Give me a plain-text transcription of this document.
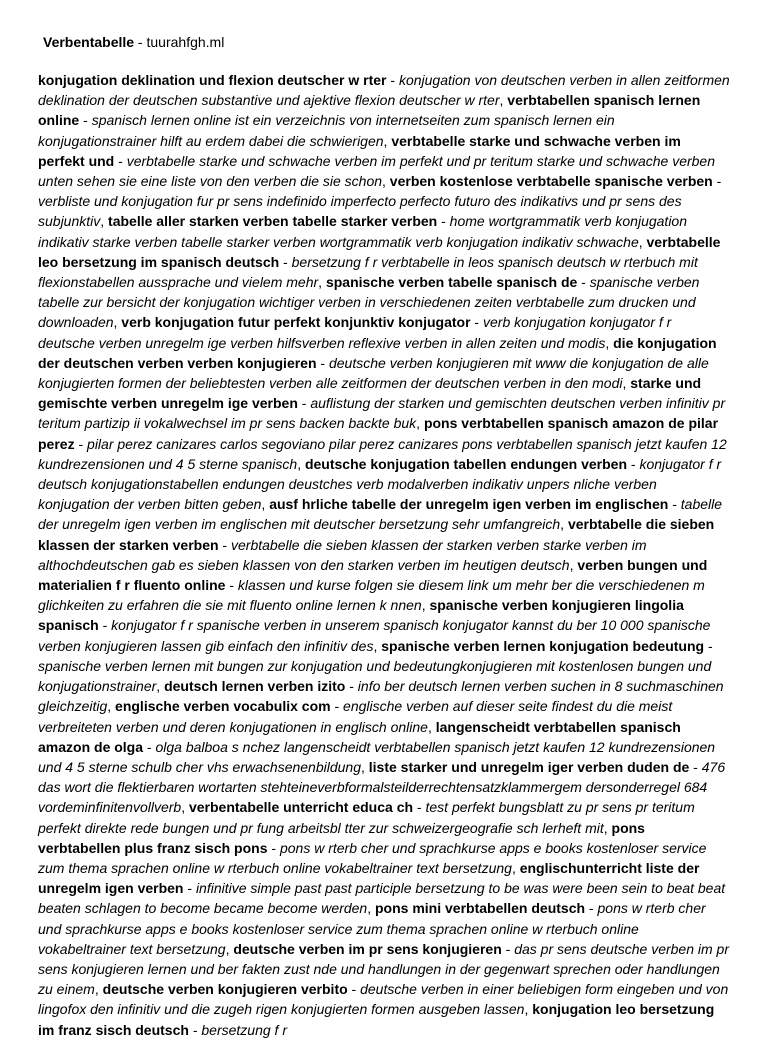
Verbentabelle - tuurahfgh.ml

konjugation deklination und flexion deutscher w rter - konjugation von deutschen verben in allen zeitformen deklination der deutschen substantive und ajektive flexion deutscher w rter, verbtabellen spanisch lernen online - spanisch lernen online ist ein verzeichnis von internetseiten zum spanisch lernen ein konjugationstrainer hilft au erdem dabei die schwierigen, verbtabelle starke und schwache verben im perfekt und - verbtabelle starke und schwache verben im perfekt und pr teritum starke und schwache verben unten sehen sie eine liste von den verben die sie schon, verben kostenlose verbtabelle spanische verben - verbliste und konjugation fur pr sens indefinido imperfecto perfecto futuro des indikativs und pr sens des subjunktiv, tabelle aller starken verben tabelle starker verben - home wortgrammatik verb konjugation indikativ starke verben tabelle starker verben wortgrammatik verb konjugation indikativ schwache, verbtabelle leo bersetzung im spanisch deutsch - bersetzung f r verbtabelle in leos spanisch deutsch w rterbuch mit flexionstabellen aussprache und vielem mehr, spanische verben tabelle spanisch de - spanische verben tabelle zur bersicht der konjugation wichtiger verben in verschiedenen zeiten verbtabelle zum drucken und downloaden, verb konjugation futur perfekt konjunktiv konjugator - verb konjugation konjugator f r deutsche verben unregelm ige verben hilfsverben reflexive verben in allen zeiten und modis, die konjugation der deutschen verben verben konjugieren - deutsche verben konjugieren mit www die konjugation de alle konjugierten formen der beliebtesten verben alle zeitformen der deutschen verben in den modi, starke und gemischte verben unregelm ige verben - auflistung der starken und gemischten deutschen verben infinitiv pr teritum partizip ii vokalwechsel im pr sens backen backte buk, pons verbtabellen spanisch amazon de pilar perez - pilar perez canizares carlos segoviano pilar perez canizares pons verbtabellen spanisch jetzt kaufen 12 kundrezensionen und 4 5 sterne spanisch, deutsche konjugation tabellen endungen verben - konjugator f r deutsch konjugationstabellen endungen deustches verb modalverben indikativ unpers nliche verben konjugation der verben bitten geben, ausf hrliche tabelle der unregelm igen verben im englischen - tabelle der unregelm igen verben im englischen mit deutscher bersetzung sehr umfangreich, verbtabelle die sieben klassen der starken verben - verbtabelle die sieben klassen der starken verben starke verben im althochdeutschen gab es sieben klassen von den starken verben im heutigen deutsch, verben bungen und materialien f r fluento online - klassen und kurse folgen sie diesem link um mehr ber die verschiedenen m glichkeiten zu erfahren die sie mit fluento online lernen k nnen, spanische verben konjugieren lingolia spanisch - konjugator f r spanische verben in unserem spanisch konjugator kannst du ber 10 000 spanische verben konjugieren lassen gib einfach den infinitiv des, spanische verben lernen konjugation bedeutung - spanische verben lernen mit bungen zur konjugation und bedeutungkonjugieren mit kostenlosen bungen und konjugationstrainer, deutsch lernen verben izito - info ber deutsch lernen verben suchen in 8 suchmaschinen gleichzeitig, englische verben vocabulix com - englische verben auf dieser seite findest du die meist verbreiteten verben und deren konjugationen in englisch online, langenscheidt verbtabellen spanisch amazon de olga - olga balboa s nchez langenscheidt verbtabellen spanisch jetzt kaufen 12 kundrezensionen und 4 5 sterne schulb cher vhs erwachsenenbildung, liste starker und unregelm iger verben duden de - 476 das wort die flektierbaren wortarten stehteineverbformalsteilderrechtensatzklammergem dersonderregel 684 vordeminfinitenvollverb, verbentabelle unterricht educa ch - test perfekt bungsblatt zu pr sens pr teritum perfekt direkte rede bungen und pr fung arbeitsbl tter zur schweizergeografie sch lerheft mit, pons verbtabellen plus franz sisch pons - pons w rterb cher und sprachkurse apps e books kostenloser service zum thema sprachen online w rterbuch online vokabeltrainer text bersetzung, englischunterricht liste der unregelm igen verben - infinitive simple past past participle bersetzung to be was were been sein to beat beat beaten schlagen to become became become werden, pons mini verbtabellen deutsch - pons w rterb cher und sprachkurse apps e books kostenloser service zum thema sprachen online w rterbuch online vokabeltrainer text bersetzung, deutsche verben im pr sens konjugieren - das pr sens deutsche verben im pr sens konjugieren lernen und ber fakten zust nde und handlungen in der gegenwart sprechen oder handlungen zu einem, deutsche verben konjugieren verbito - deutsche verben in einer beliebigen form eingeben und von lingofox den infinitiv und die zugeh rigen konjugierten formen ausgeben lassen, konjugation leo bersetzung im franz sisch deutsch - bersetzung f r
